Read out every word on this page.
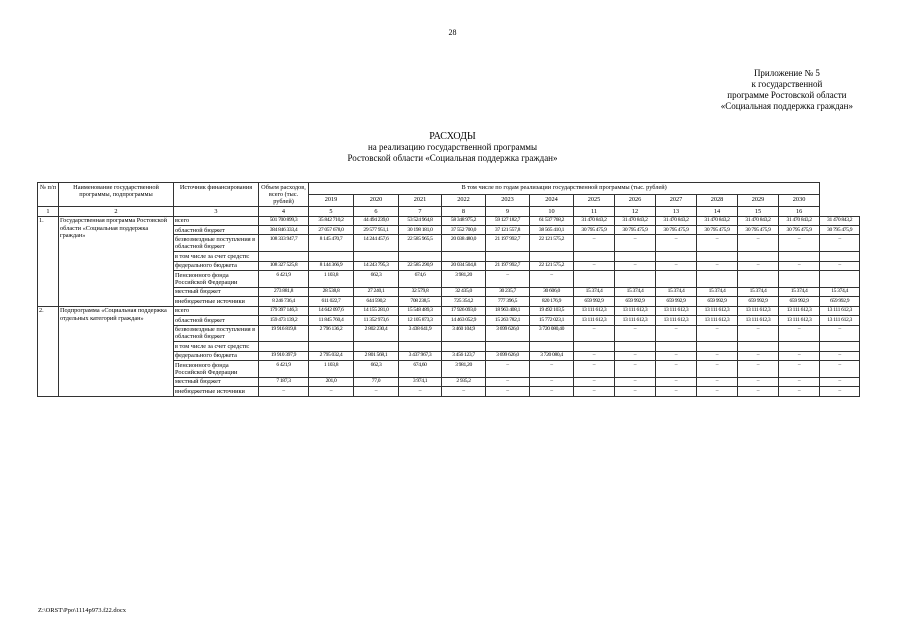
28
Приложение № 5
к государственной
программе Ростовской области
«Социальная поддержка граждан»
РАСХОДЫ
на реализацию государственной программы
Ростовской области «Социальная поддержка граждан»
№ п/п	Наименование государственной программы, подпрограммы	Источник финансирования	Объем расходов, всего (тыс. рублей)	В том числе по годам реализации государственной программы (тыс. рублей)												
				2019	2020	2021	2022	2023	2024	2025	2026	2027	2028	2029	2030	
1	2	3	4	5	6	7	8	9	10	11	12	13	14	15	16	
1.	Государственная программа Ростовской области «Социальная поддержка граждан»	всего	501 700 899,3	35 842 710,2	44 494 239,0	53 524 964,8	58 348 975,2	59 127 182,7	61 537 768,2	31 470 843,2	31 470 843,2	31 470 843,2	31 470 843,2	31 470 843,2	31 470 843,2	31 470 843,2
		областной бюджет	384 846 333,4	27 057 678,0	29 577 951,1	30 198 181,0	37 552 700,0	37 121 557,8	38 565 410,1	30 795 475,9	30 795 475,9	30 795 475,9	30 795 475,9	30 795 475,9	30 795 475,9	30 795 475,9
		безвозмездные поступления в областной бюджет	108 333 947,7	8 145 470,7	14 244 457,6	22 585 965,5	20 038 480,0	21 197 992,7	22 121 575,2	–	–	–	–	–	–	–
		в том числе за счет средств:														
		федерального бюджета	108 327 525,8	8 144 366,9	14 243 795,3	22 585 290,9	20 034 504,8	21 197 992,7	22 121 575,2	–	–	–	–	–	–	–
		Пенсионного фонда Российской Федерации	6 421,9	1 103,8	662,3	674,6	3 981,20	–	–							
		местный бюджет	273 881,8	28 538,8	27 240,1	32 579,8	32 435,0	30 235,7	30 606,0	15 374,4	15 374,4	15 374,4	15 374,4	15 374,4	15 374,4	15 374,4
		внебюджетные источники	8 246 736,4	611 022,7	644 590,2	708 238,5	725 354,2	777 396,5	820 176,9	659 992,9	659 992,9	659 992,9	659 992,9	659 992,9	659 992,9	659 992,9
2.	Подпрограмма «Социальная поддержка отдельных категорий граждан»	всего	179 397 146,3	14 642 097,6	14 155 281,0	15 548 489,3	17 926 093,0	18 963 408,1	19 492 103,5	13 111 612,3	13 111 612,3	13 111 612,3	13 111 612,3	13 111 612,3	13 111 612,3	13 111 612,3
		областной бюджет	159 473 139,2	11 845 760,4	11 352 973,6	12 105 873,3	14 463 052,9	15 263 782,1	15 772 023,1	13 111 612,3	13 111 612,3	13 111 612,3	13 111 612,3	13 111 612,3	13 111 612,3	13 111 612,3
		безвозмездные поступления в областной бюджет	19 916 819,8	2 796 136,2	2 802 230,4	3 438 641,9	3 460 104,9	3 699 626,0	3 720 080,40	–	–	–	–	–	–	–
		в том числе за счет средств:														
		федерального бюджета	19 910 397,9	2 795 032,4	2 801 568,1	3 437 967,3	3 456 123,7	3 699 626,0	3 720 080,4	–	–	–	–	–	–	–
		Пенсионного фонда Российской Федерации	6 421,9	1 103,8	662,3	674,60	3 981,20	–	–	–	–	–	–	–	–	–
		местный бюджет	7 187,3	201,0	77,0	3 974,1	2 935,2	–	–	–	–	–	–	–	–	–
		внебюджетные источники	–	–	–	–	–	–	–	–	–	–	–	–	–	–
Z:\ORST\Ppo\1114p973.f22.docx
